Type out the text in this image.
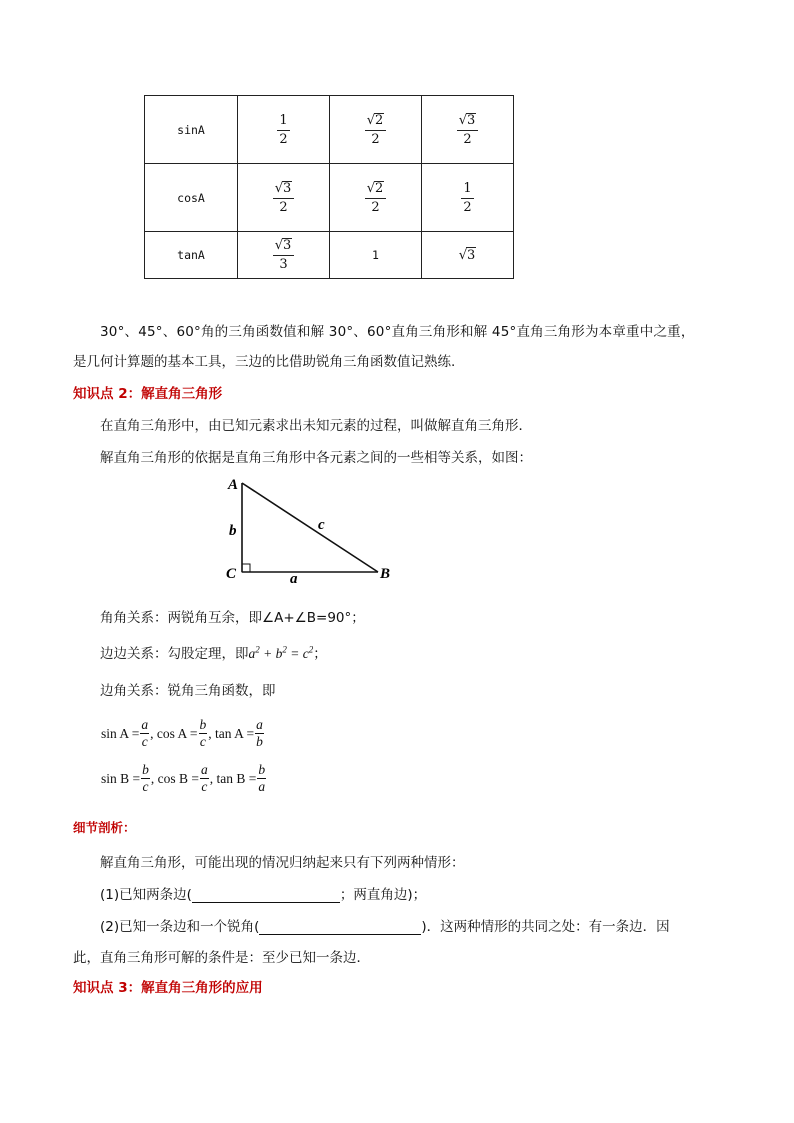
sinA	$\frac{1}{2}$	$\frac{√ 2}{2}$	$\frac{√ 3}{2}$

cosA	$\frac{√ 3}{2}$	$\frac{√ 2}{2}$	$\frac{1}{2}$

tanA	$\frac{√ 3}{3}$	1	√ 3
30°、45°、60°角的三角函数值和解 30°、60°直角三角形和解 45°直角三角形为本章重中之重，
是几何计算题的基本工具，三边的比借助锐角三角函数值记熟练.
知识点 2：解直角三角形
在直角三角形中，由已知元素求出未知元素的过程，叫做解直角三角形．
解直角三角形的依据是直角三角形中各元素之间的一些相等关系，如图：
A
C	B
b	c
a
角角关系：两锐角互余，即∠A+∠B=90°；
边边关系：勾股定理，即$a^2 + b^2 = c^2$；
边角关系：锐角三角函数，即
$\sin A = \frac{a}{c}$ , $\cos A = \frac{b}{c}$ , $\tan A = \frac{a}{b}$
$\sin B = \frac{b}{c}$ , $\cos B = \frac{a}{c}$ , $\tan B = \frac{b}{a}$
细节剖析：
解直角三角形，可能出现的情况归纳起来只有下列两种情形：
(1)已知两条边(	；两直角边)；
(2)已知一条边和一个锐角(	)．这两种情形的共同之处：有一条边．因
此，直角三角形可解的条件是：至少已知一条边．
知识点 3：解直角三角形的应用
